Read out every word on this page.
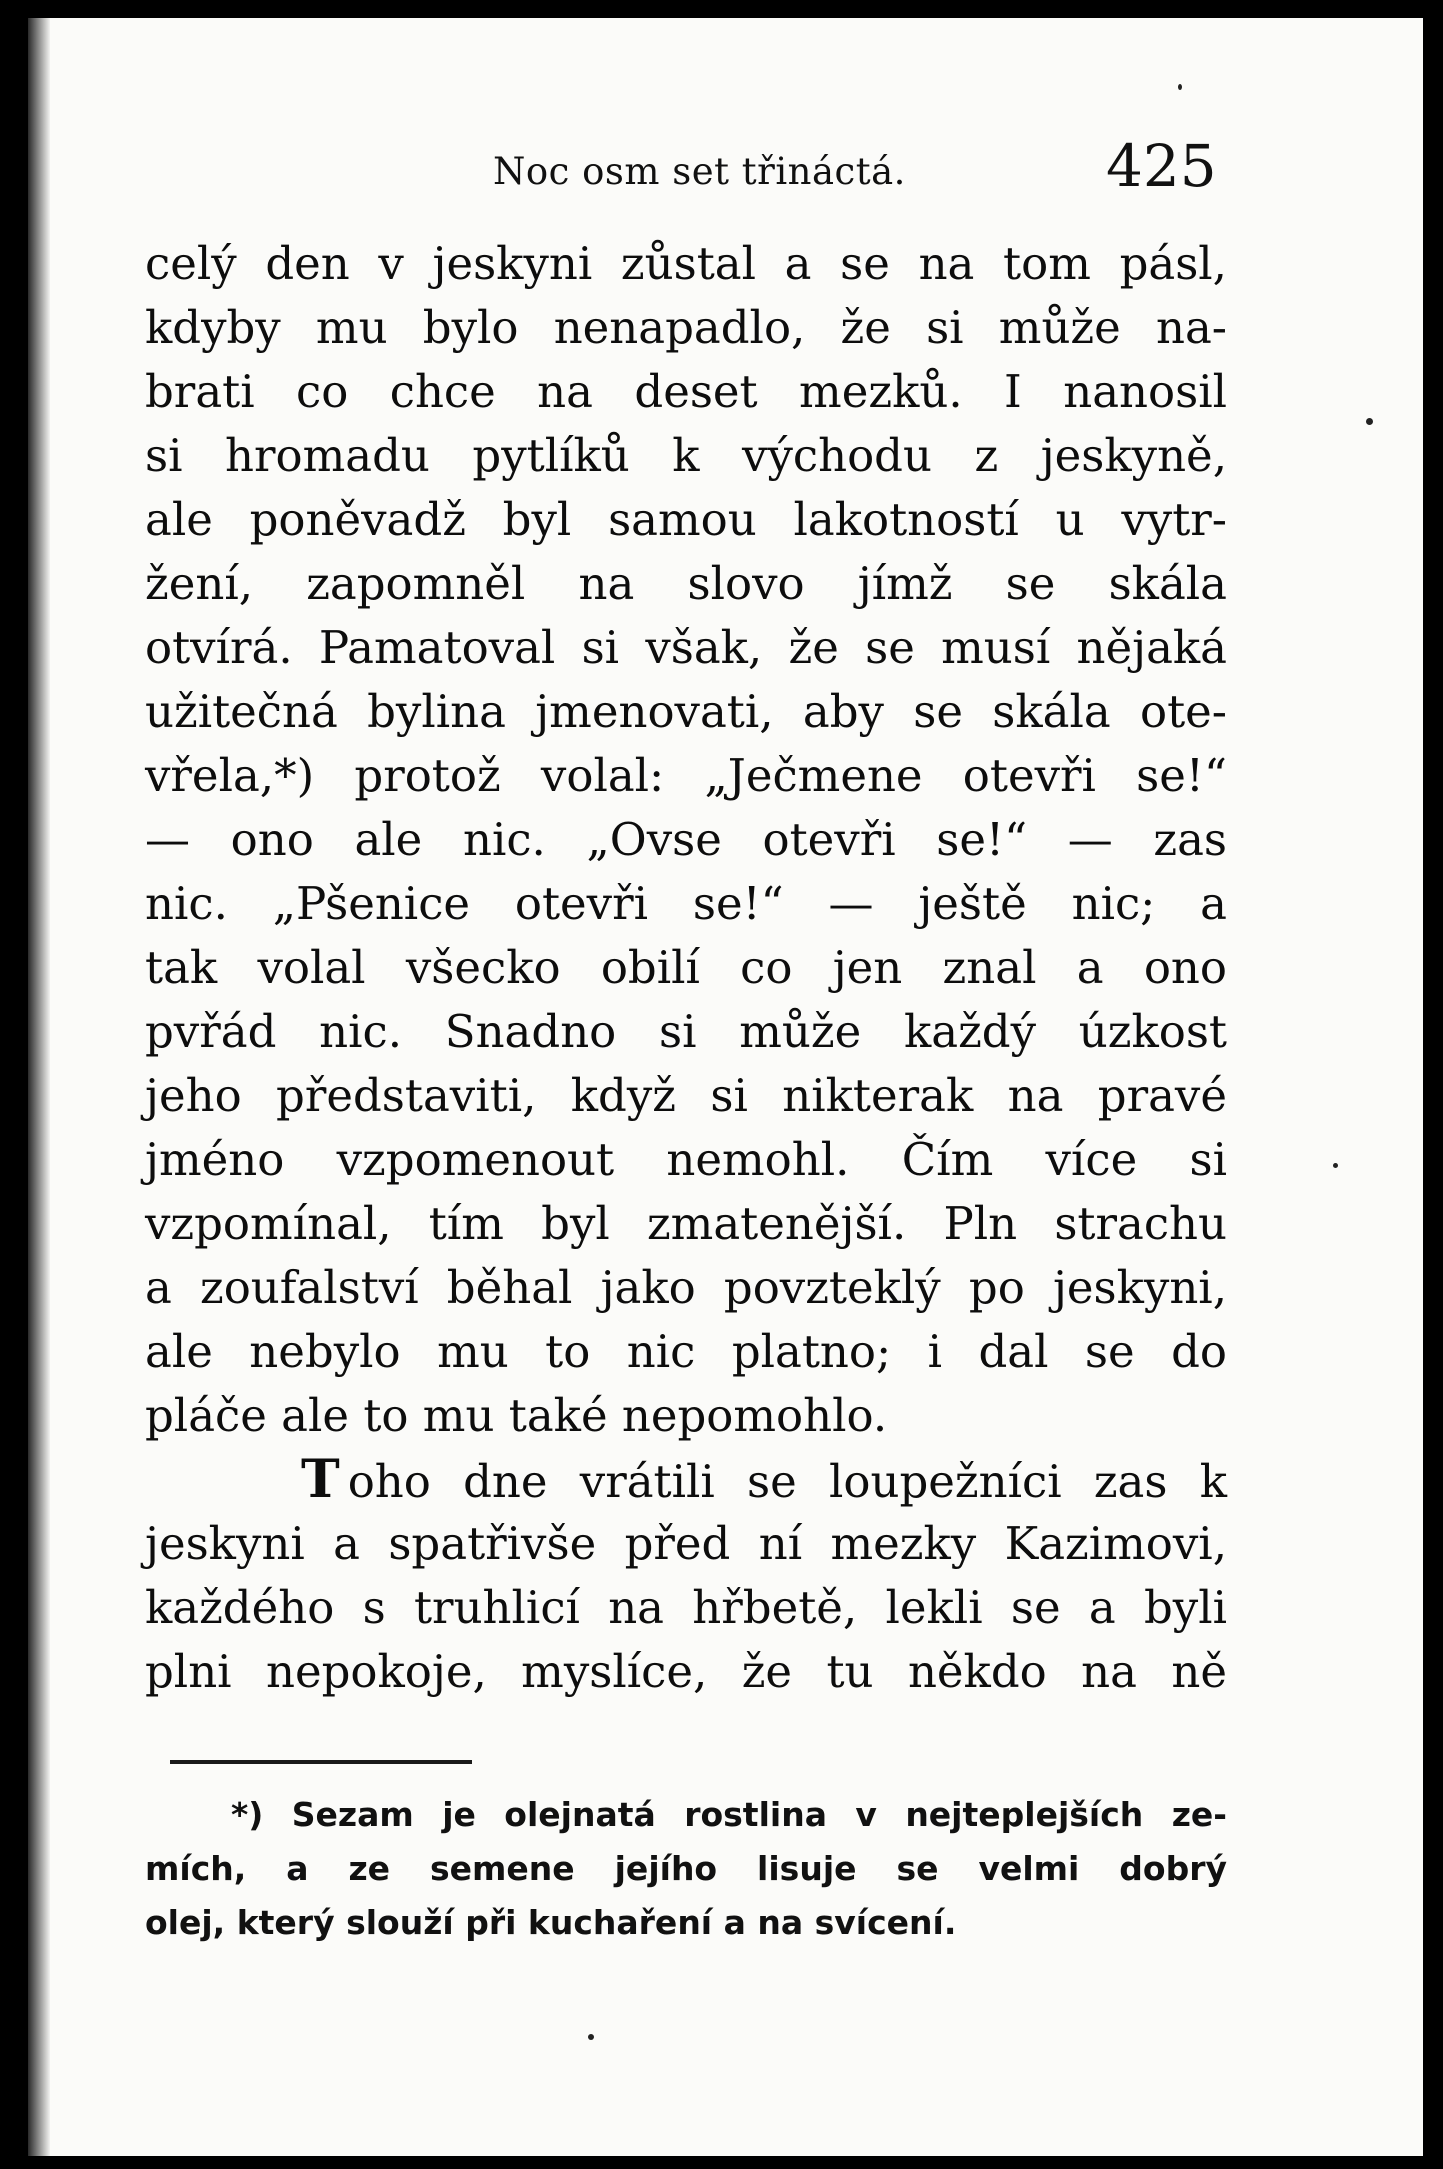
Noc osm set třináctá.	425
celý den v jeskyni zůstal a se na tom pásl,
kdyby mu bylo nenapadlo, že si může na-
brati co chce na deset mezků. I nanosil
si hromadu pytlíků k východu z jeskyně,
ale poněvadž byl samou lakotností u vytr-
žení, zapomněl na slovo jímž se skála
otvírá. Pamatoval si však, že se musí nějaká
užitečná bylina jmenovati, aby se skála ote-
vřela,*) protož volal: „Ječmene otevři se!“
— ono ale nic. „Ovse otevři se!“ — zas
nic. „Pšenice otevři se!“ — ještě nic; a
tak volal všecko obilí co jen znal a ono
pvřád nic. Snadno si může každý úzkost
jeho představiti, když si nikterak na pravé
jméno vzpomenout nemohl. Čím více si
vzpomínal, tím byl zmatenější. Pln strachu
a zoufalství běhal jako povzteklý po jeskyni,
ale nebylo mu to nic platno; i dal se do
pláče ale to mu také nepomohlo.
T oho dne vrátili se loupežníci zas k
jeskyni a spatřivše před ní mezky Kazimovi,
každého s truhlicí na hřbetě, lekli se a byli
plni nepokoje, myslíce, že tu někdo na ně
*) Sezam je olejnatá rostlina v nejteplejších ze-
mích, a ze semene jejího lisuje se velmi dobrý
olej, který slouží při kuchaření a na svícení.
